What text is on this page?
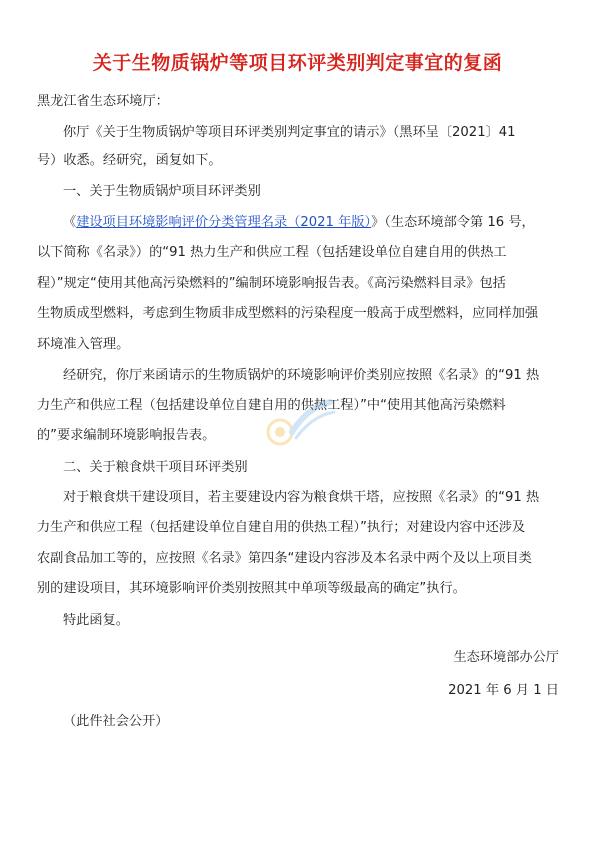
关于生物质锅炉等项目环评类别判定事宜的复函
黑龙江省生态环境厅：
你厅《关于生物质锅炉等项目环评类别判定事宜的请示》（黑环呈〔2021〕41
号）收悉。经研究，函复如下。
一、关于生物质锅炉项目环评类别
《建设项目环境影响评价分类管理名录（2021 年版）》（生态环境部令第 16 号，
以下简称《名录》）的“91 热力生产和供应工程（包括建设单位自建自用的供热工
程）”规定“使用其他高污染燃料的”编制环境影响报告表。《高污染燃料目录》包括
生物质成型燃料，考虑到生物质非成型燃料的污染程度一般高于成型燃料，应同样加强
环境准入管理。
经研究，你厅来函请示的生物质锅炉的环境影响评价类别应按照《名录》的“91 热
力生产和供应工程（包括建设单位自建自用的供热工程）”中“使用其他高污染燃料
的”要求编制环境影响报告表。
二、关于粮食烘干项目环评类别
对于粮食烘干建设项目，若主要建设内容为粮食烘干塔，应按照《名录》的“91 热
力生产和供应工程（包括建设单位自建自用的供热工程）”执行；对建设内容中还涉及
农副食品加工等的，应按照《名录》第四条“建设内容涉及本名录中两个及以上项目类
别的建设项目，其环境影响评价类别按照其中单项等级最高的确定”执行。
特此函复。
生态环境部办公厅
2021 年 6 月 1 日
（此件社会公开）
